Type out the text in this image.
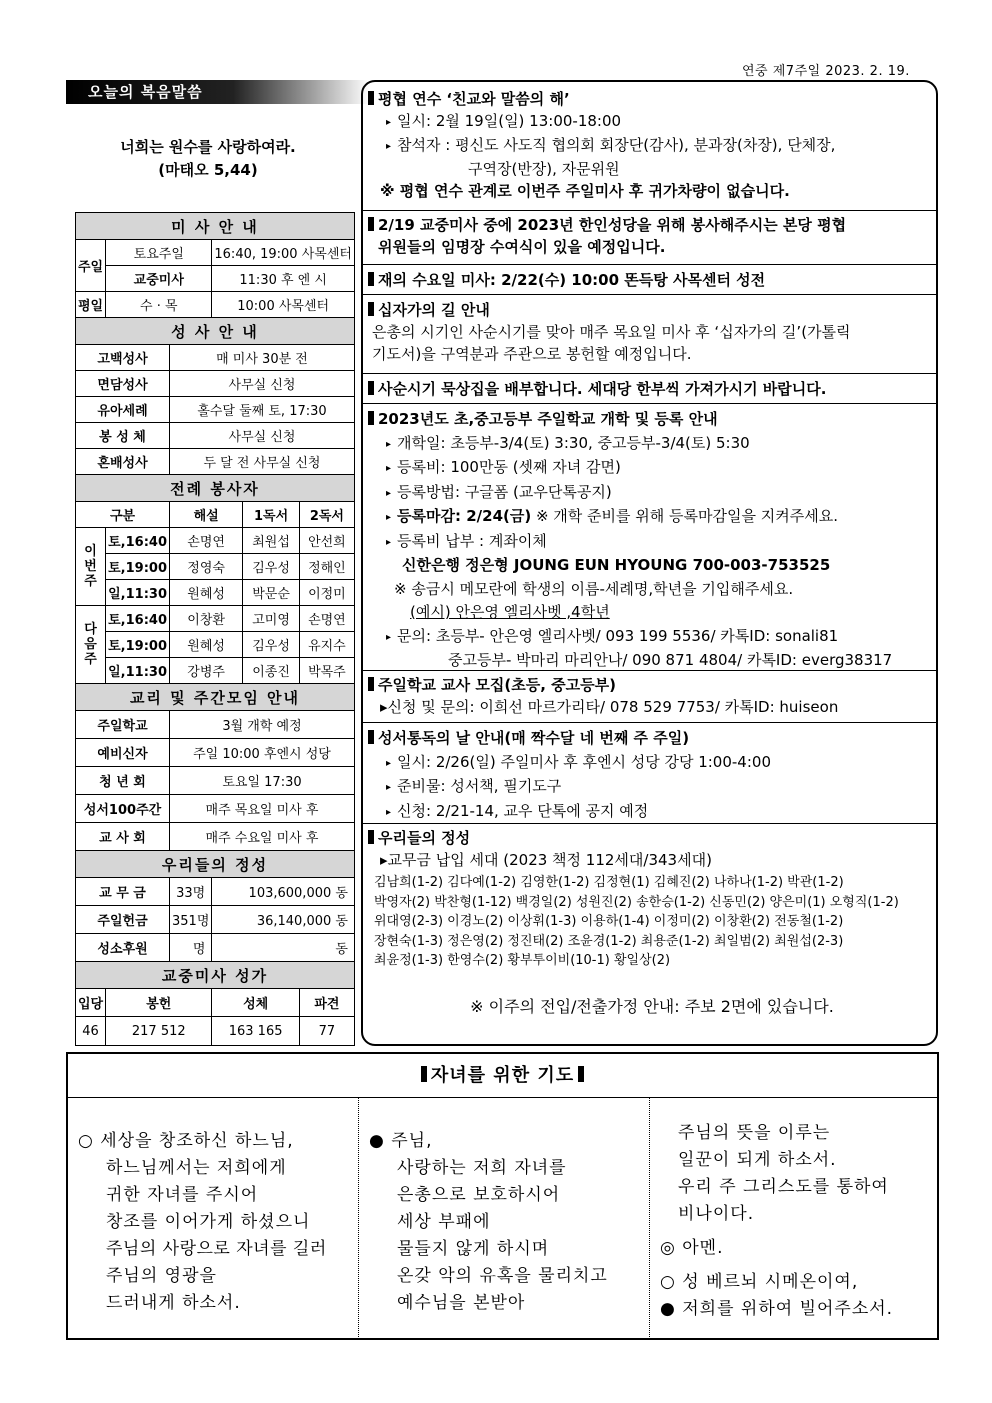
연중 제7주일 2023. 2. 19.
오늘의 복음말씀
너희는 원수를 사랑하여라.
(마태오 5,44)
미 사 안 내					
주일	토요주일		16:40, 19:00 사목센터		
	교중미사		11:30 후 엔 시		
평일	수 · 목		10:00 사목센터		
성 사 안 내					
고백성사		매 미사 30분 전			
면담성사		사무실 신청			
유아세례		홀수달 둘째 토, 17:30			
봉 성 체		사무실 신청			
혼배성사		두 달 전 사무실 신청			
전례 봉사자					
구분		해설		1독서	2독서
이번주	토,16:40	손명연		최원섭	안선희
	토,19:00	정영숙		김우성	정해인
	일,11:30	원혜성		박문순	이정미
다음주	토,16:40	이창환		고미영	손명연
	토,19:00	원혜성		김우성	유지수
	일,11:30	강병주		이종진	박목주
교리 및 주간모임 안내					
주일학교		3월 개학 예정			
예비신자		주일 10:00 후엔시 성당			
청 년 회		토요일 17:30			
성서100주간		매주 목요일 미사 후			
교 사 회		매주 수요일 미사 후			
우리들의 정성					
교 무 금		33명	103,600,000 동		
주일헌금		351명	36,140,000 동		
성소후원		명	동		
교중미사 성가					
입당	봉헌		성체		파견
46	217 512		163 165		77
평협 연수 ‘친교와 말씀의 해’
▸ 일시: 2월 19일(일) 13:00-18:00
▸ 참석자 : 평신도 사도직 협의회 회장단(감사), 분과장(차장), 단체장,
구역장(반장), 자문위원
※ 평협 연수 관계로 이번주 주일미사 후 귀가차량이 없습니다.
2/19 교중미사 중에 2023년 한인성당을 위해 봉사해주시는 본당 평협
위원들의 임명장 수여식이 있을 예정입니다.
재의 수요일 미사: 2/22(수) 10:00 똔득탕 사목센터 성전
십자가의 길 안내
은총의 시기인 사순시기를 맞아 매주 목요일 미사 후 ‘십자가의 길’(가톨릭
기도서)을 구역분과 주관으로 봉헌할 예정입니다.
사순시기 묵상집을 배부합니다. 세대당 한부씩 가져가시기 바랍니다.
2023년도 초,중고등부 주일학교 개학 및 등록 안내
▸ 개학일: 초등부-3/4(토) 3:30, 중고등부-3/4(토) 5:30
▸ 등록비: 100만동 (셋째 자녀 감면)
▸ 등록방법: 구글폼 (교우단톡공지)
▸ 등록마감: 2/24(금) ※ 개학 준비를 위해 등록마감일을 지켜주세요.
▸ 등록비 납부 : 계좌이체
신한은행 정은형 JOUNG EUN HYOUNG 700-003-753525
※ 송금시 메모란에 학생의 이름-세례명,학년을 기입해주세요.
(예시) 안은영 엘리사벳 ,4학년
▸ 문의: 초등부- 안은영 엘리사벳/ 093 199 5536/ 카톡ID: sonali81
중고등부- 박마리 마리안나/ 090 871 4804/ 카톡ID: everg38317
주일학교 교사 모집(초등, 중고등부)
▸신청 및 문의: 이희선 마르가리타/ 078 529 7753/ 카톡ID: huiseon
성서통독의 날 안내(매 짝수달 네 번째 주 주일)
▸ 일시: 2/26(일) 주일미사 후 후엔시 성당 강당 1:00-4:00
▸ 준비물: 성서책, 필기도구
▸ 신청: 2/21-14, 교우 단톡에 공지 예정
우리들의 정성
▸교무금 납입 세대 (2023 책정 112세대/343세대)
김남희(1-2) 김다예(1-2) 김영한(1-2) 김정현(1) 김혜진(2) 나하나(1-2) 박관(1-2)
박영자(2) 박찬형(1-12) 백경일(2) 성원진(2) 송한승(1-2) 신동민(2) 양은미(1) 오형직(1-2)
위대영(2-3) 이경노(2) 이상휘(1-3) 이용하(1-4) 이정미(2) 이창환(2) 전동철(1-2)
장현숙(1-3) 정은영(2) 정진태(2) 조윤경(1-2) 최용준(1-2) 최일범(2) 최원섭(2-3)
최윤정(1-3) 한영수(2) 황부투이비(10-1) 황일상(2)
※ 이주의 전입/전출가정 안내: 주보 2면에 있습니다.
자녀를 위한 기도
○ 세상을 창조하신 하느님,
하느님께서는 저희에게
귀한 자녀를 주시어
창조를 이어가게 하셨으니
주님의 사랑으로 자녀를 길러
주님의 영광을
드러내게 하소서.
● 주님,
사랑하는 저희 자녀를
은총으로 보호하시어
세상 부패에
물들지 않게 하시며
온갖 악의 유혹을 물리치고
예수님을 본받아
주님의 뜻을 이루는
일꾼이 되게 하소서.
우리 주 그리스도를 통하여
비나이다.
◎ 아멘.
○ 성 베르뇌 시메온이여,
● 저희를 위하여 빌어주소서.
